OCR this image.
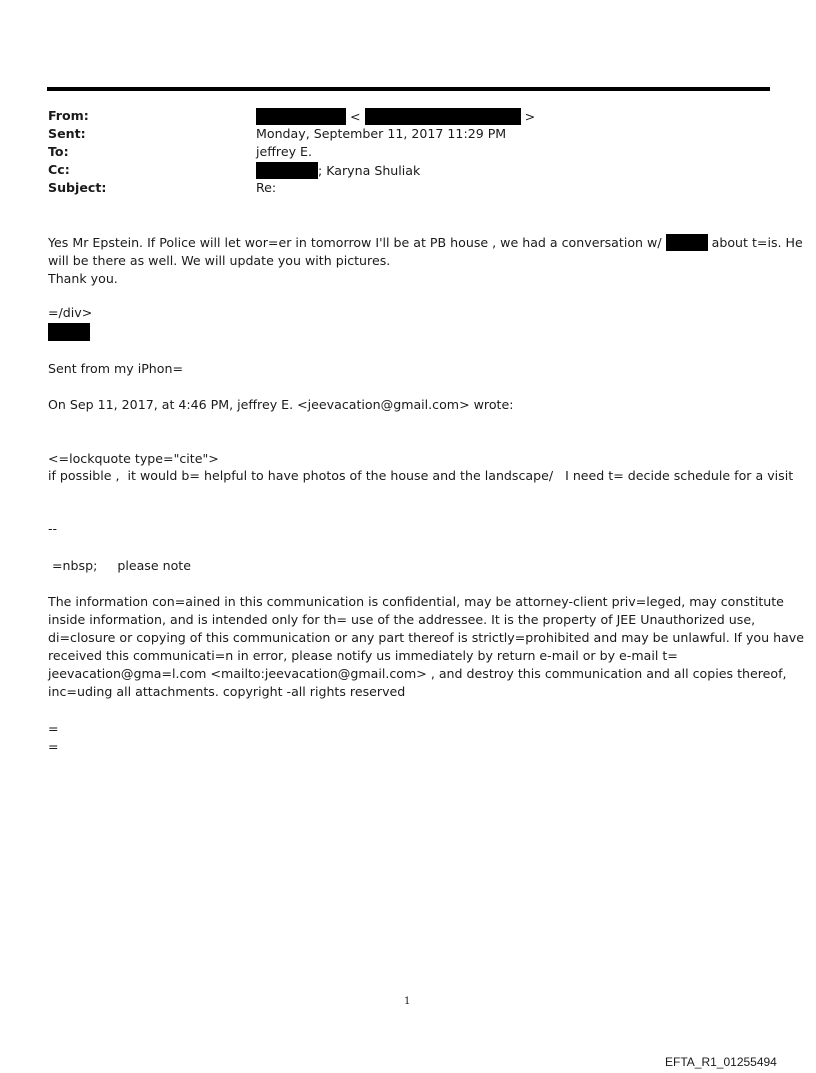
From:	<	>
Sent:	Monday, September 11, 2017 11:29 PM
To:	jeffrey E.
Cc:	; Karyna Shuliak
Subject:	Re:
Yes Mr Epstein. If Police will let wor=er in tomorrow I'll be at PB house , we had a conversation w/	about t=is. He
will be there as well. We will update you with pictures.
Thank you.
=/div>
Sent from my iPhon=
On Sep 11, 2017, at 4:46 PM, jeffrey E. <jeevacation@gmail.com> wrote:
<=lockquote type="cite">
if possible ,  it would b= helpful to have photos of the house and the landscape/   I need t= decide schedule for a visit
--
=nbsp;     please note
The information con=ained in this communication is confidential, may be attorney-client priv=leged, may constitute
inside information, and is intended only for th= use of the addressee. It is the property of JEE Unauthorized use,
di=closure or copying of this communication or any part thereof is strictly=prohibited and may be unlawful. If you have
received this communicati=n in error, please notify us immediately by return e-mail or by e-mail t=
jeevacation@gma=l.com <mailto:jeevacation@gmail.com> , and destroy this communication and all copies thereof,
inc=uding all attachments. copyright -all rights reserved
=
=
1
EFTA_R1_01255494
